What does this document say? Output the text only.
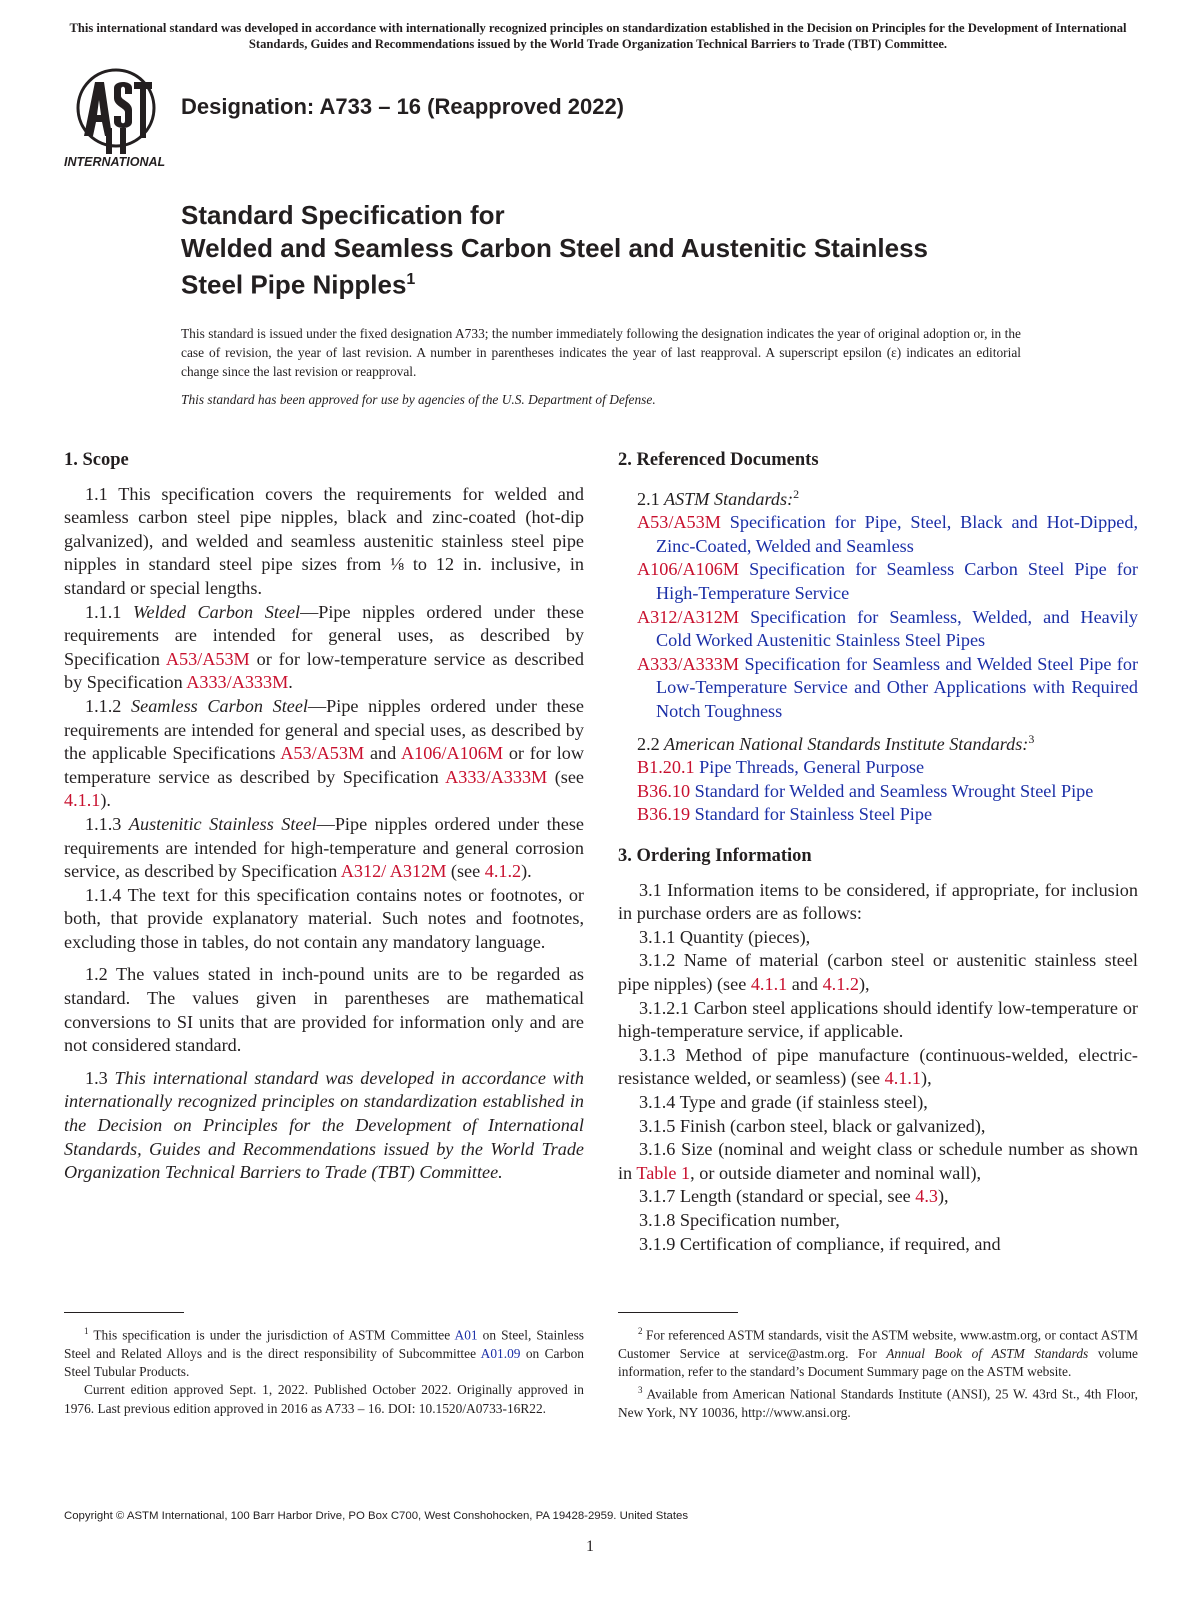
This international standard was developed in accordance with internationally recognized principles on standardization established in the Decision on Principles for the Development of International Standards, Guides and Recommendations issued by the World Trade Organization Technical Barriers to Trade (TBT) Committee.
INTERNATIONAL
Designation: A733 – 16 (Reapproved 2022)
Standard Specification for
Welded and Seamless Carbon Steel and Austenitic Stainless
Steel Pipe Nipples$^1$
This standard is issued under the fixed designation A733; the number immediately following the designation indicates the year of original adoption or, in the case of revision, the year of last revision. A number in parentheses indicates the year of last reapproval. A superscript epsilon (ε) indicates an editorial change since the last revision or reapproval.
This standard has been approved for use by agencies of the U.S. Department of Defense.
1. Scope

1.1 This specification covers the requirements for welded and seamless carbon steel pipe nipples, black and zinc-coated (hot-dip galvanized), and welded and seamless austenitic stainless steel pipe nipples in standard steel pipe sizes from ⅛ to 12 in. inclusive, in standard or special lengths.

1.1.1 Welded Carbon Steel—Pipe nipples ordered under these requirements are intended for general uses, as described by Specification A53/A53M or for low-temperature service as described by Specification A333/A333M.

1.1.2 Seamless Carbon Steel—Pipe nipples ordered under these requirements are intended for general and special uses, as described by the applicable Specifications A53/A53M and A106/A106M or for low temperature service as described by Specification A333/A333M (see 4.1.1).

1.1.3 Austenitic Stainless Steel—Pipe nipples ordered under these requirements are intended for high-temperature and general corrosion service, as described by Specification A312/ A312M (see 4.1.2).

1.1.4 The text for this specification contains notes or footnotes, or both, that provide explanatory material. Such notes and footnotes, excluding those in tables, do not contain any mandatory language.

1.2 The values stated in inch-pound units are to be regarded as standard. The values given in parentheses are mathematical conversions to SI units that are provided for information only and are not considered standard.

1.3 This international standard was developed in accordance with internationally recognized principles on standardization established in the Decision on Principles for the Development of International Standards, Guides and Recommendations issued by the World Trade Organization Technical Barriers to Trade (TBT) Committee.

2. Referenced Documents

2.1 ASTM Standards:$^2$

A53/A53M Specification for Pipe, Steel, Black and Hot-Dipped, Zinc-Coated, Welded and Seamless

A106/A106M Specification for Seamless Carbon Steel Pipe for High-Temperature Service

A312/A312M Specification for Seamless, Welded, and Heavily Cold Worked Austenitic Stainless Steel Pipes

A333/A333M Specification for Seamless and Welded Steel Pipe for Low-Temperature Service and Other Applications with Required Notch Toughness

2.2 American National Standards Institute Standards:$^3$

B1.20.1 Pipe Threads, General Purpose

B36.10 Standard for Welded and Seamless Wrought Steel Pipe

B36.19 Standard for Stainless Steel Pipe

3. Ordering Information

3.1 Information items to be considered, if appropriate, for inclusion in purchase orders are as follows:

3.1.1 Quantity (pieces),

3.1.2 Name of material (carbon steel or austenitic stainless steel pipe nipples) (see 4.1.1 and 4.1.2),

3.1.2.1 Carbon steel applications should identify low-temperature or high-temperature service, if applicable.

3.1.3 Method of pipe manufacture (continuous-welded, electric-resistance welded, or seamless) (see 4.1.1),

3.1.4 Type and grade (if stainless steel),

3.1.5 Finish (carbon steel, black or galvanized),

3.1.6 Size (nominal and weight class or schedule number as shown in Table 1, or outside diameter and nominal wall),

3.1.7 Length (standard or special, see 4.3),

3.1.8 Specification number,

3.1.9 Certification of compliance, if required, and

$^1$ This specification is under the jurisdiction of ASTM Committee A01 on Steel, Stainless Steel and Related Alloys and is the direct responsibility of Subcommittee A01.09 on Carbon Steel Tubular Products.

Current edition approved Sept. 1, 2022. Published October 2022. Originally approved in 1976. Last previous edition approved in 2016 as A733 – 16. DOI: 10.1520/A0733-16R22.

$^2$ For referenced ASTM standards, visit the ASTM website, www.astm.org, or contact ASTM Customer Service at service@astm.org. For Annual Book of ASTM Standards volume information, refer to the standard’s Document Summary page on the ASTM website.

$^3$ Available from American National Standards Institute (ANSI), 25 W. 43rd St., 4th Floor, New York, NY 10036, http://www.ansi.org.

Copyright © ASTM International, 100 Barr Harbor Drive, PO Box C700, West Conshohocken, PA 19428-2959. United States
1
